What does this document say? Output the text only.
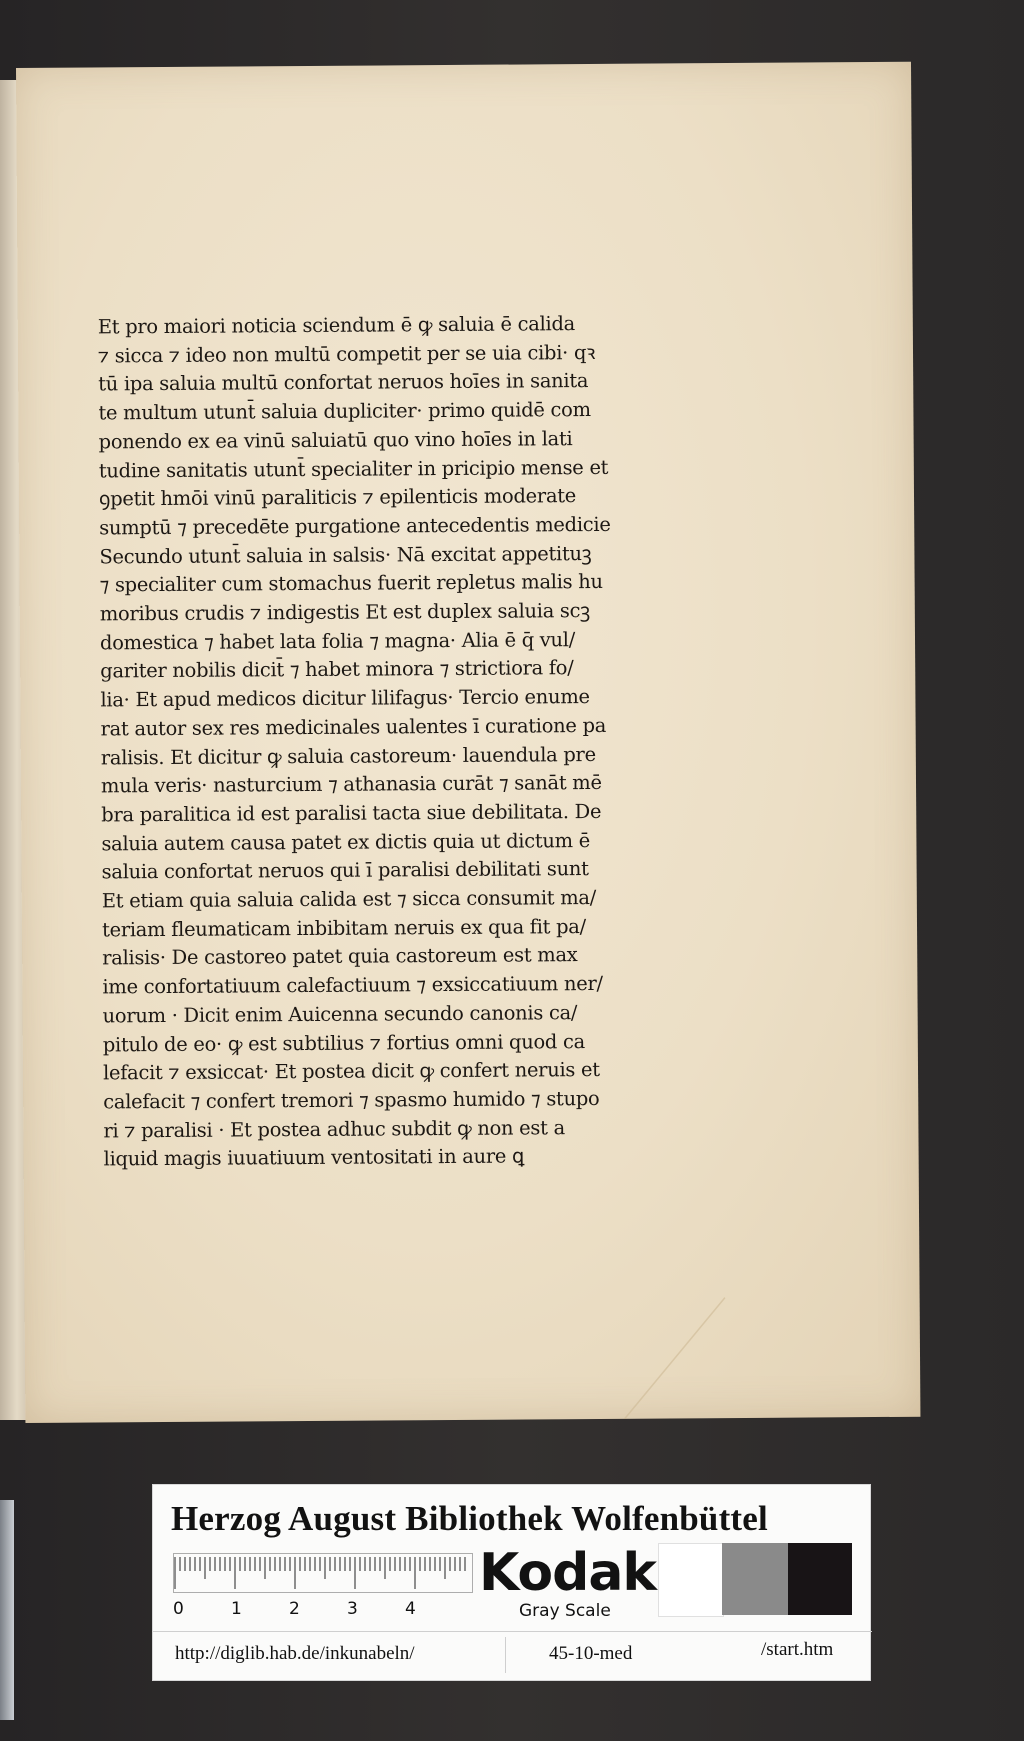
Et pro maiori noticia sciendum ē ꝙ saluia ē calida
⁊ sicca ⁊ ideo non multū competit per se uia cibi· qꝛ
tū ipa saluia multū confortat neruos hoīes in sanita
te multum utunt̄ saluia dupliciter· primo quidē com
ponendo ex ea vinū saluiatū quo vino hoīes in lati
tudine sanitatis utunt̄ specialiter in pricipio mense et
ꝯpetit hmōi vinū paraliticis ⁊ epilenticis moderate
sumptū ⁊ precedēte purgatione antecedentis medicie
Secundo utunt̄ saluia in salsis· Nā excitat appetituꝫ
⁊ specialiter cum stomachus fuerit repletus malis hu
moribus crudis ⁊ indigestis Et est duplex saluia scꝫ
domestica ⁊ habet lata folia ⁊ magna· Alia ē q̄ vul/
gariter nobilis dicit̄ ⁊ habet minora ⁊ strictiora fo/
lia· Et apud medicos dicitur lilifagus· Tercio enume
rat autor sex res medicinales ualentes ī curatione pa
ralisis. Et dicitur ꝙ saluia castoreum· lauendula pre
mula veris· nasturcium ⁊ athanasia curāt ⁊ sanāt mē
bra paralitica id est paralisi tacta siue debilitata. De
saluia autem causa patet ex dictis quia ut dictum ē
saluia confortat neruos qui ī paralisi debilitati sunt
Et etiam quia saluia calida est ⁊ sicca consumit ma/
teriam fleumaticam inbibitam neruis ex qua fit pa/
ralisis· De castoreo patet quia castoreum est max
ime confortatiuum calefactiuum ⁊ exsiccatiuum ner/
uorum · Dicit enim Auicenna secundo canonis ca/
pitulo de eo· ꝙ est subtilius ⁊ fortius omni quod ca
lefacit ⁊ exsiccat· Et postea dicit ꝙ confert neruis et
calefacit ⁊ confert tremori ⁊ spasmo humido ⁊ stupo
ri ⁊ paralisi · Et postea adhuc subdit ꝙ non est a
liquid magis iuuatiuum ventositati in aure ꝗ
Herzog August Bibliothek Wolfenbüttel
0	1	2	3	4
Kodak
Gray Scale
http://diglib.hab.de/inkunabeln/	45-10-med	/start.htm
